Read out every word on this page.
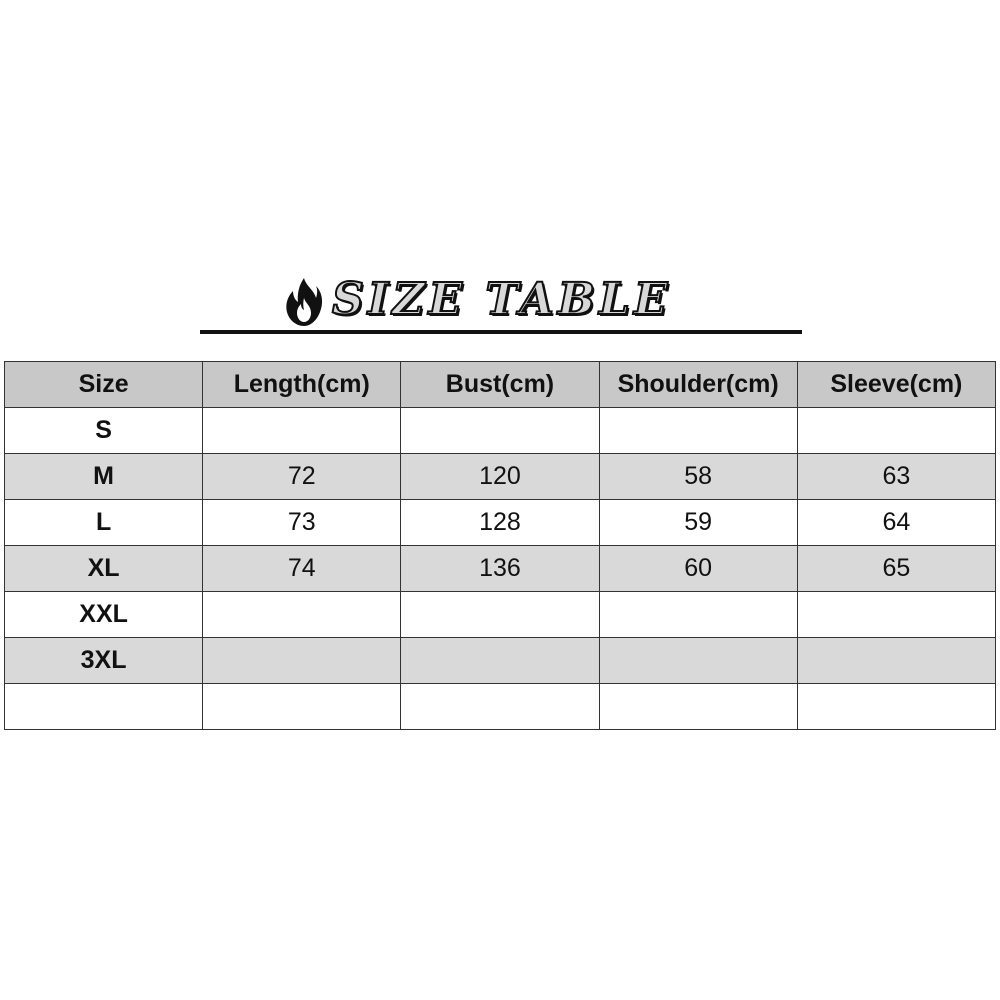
SIZE TABLE
Size	Length(cm)	Bust(cm)	Shoulder(cm)	Sleeve(cm)
S				
M	72	120	58	63
L	73	128	59	64
XL	74	136	60	65
XXL				
3XL				
